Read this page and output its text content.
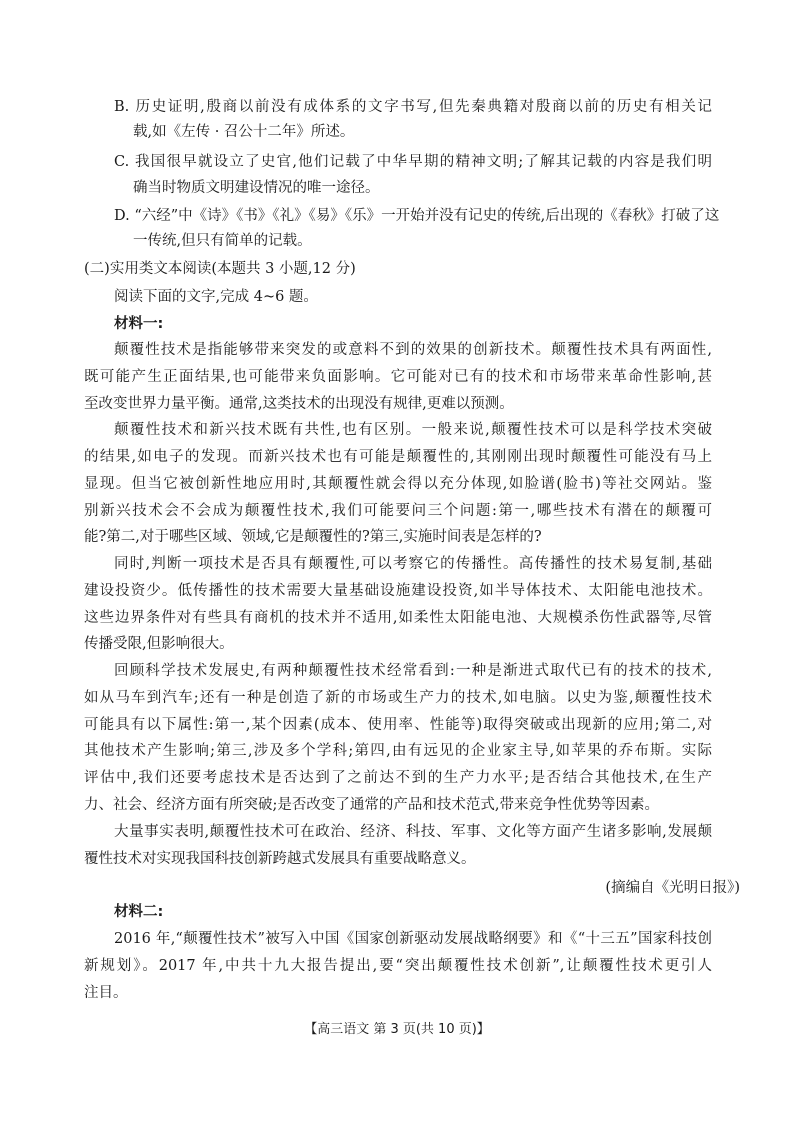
B. 历史证明,殷商以前没有成体系的文字书写,但先秦典籍对殷商以前的历史有相关记
载,如《左传 · 召公十二年》所述。
C. 我国很早就设立了史官,他们记载了中华早期的精神文明;了解其记载的内容是我们明
确当时物质文明建设情况的唯一途径。
D. “六经”中《诗》《书》《礼》《易》《乐》一开始并没有记史的传统,后出现的《春秋》打破了这
一传统,但只有简单的记载。
(二)实用类文本阅读(本题共 3 小题,12 分)
阅读下面的文字,完成 4~6 题。
材料一:
颠覆性技术是指能够带来突发的或意料不到的效果的创新技术。颠覆性技术具有两面性,
既可能产生正面结果,也可能带来负面影响。它可能对已有的技术和市场带来革命性影响,甚
至改变世界力量平衡。通常,这类技术的出现没有规律,更难以预测。
颠覆性技术和新兴技术既有共性,也有区别。一般来说,颠覆性技术可以是科学技术突破
的结果,如电子的发现。而新兴技术也有可能是颠覆性的,其刚刚出现时颠覆性可能没有马上
显现。但当它被创新性地应用时,其颠覆性就会得以充分体现,如脸谱(脸书)等社交网站。鉴
别新兴技术会不会成为颠覆性技术,我们可能要问三个问题:第一,哪些技术有潜在的颠覆可
能?第二,对于哪些区域、领域,它是颠覆性的?第三,实施时间表是怎样的?
同时,判断一项技术是否具有颠覆性,可以考察它的传播性。高传播性的技术易复制,基础
建设投资少。低传播性的技术需要大量基础设施建设投资,如半导体技术、太阳能电池技术。
这些边界条件对有些具有商机的技术并不适用,如柔性太阳能电池、大规模杀伤性武器等,尽管
传播受限,但影响很大。
回顾科学技术发展史,有两种颠覆性技术经常看到:一种是渐进式取代已有的技术的技术,
如从马车到汽车;还有一种是创造了新的市场或生产力的技术,如电脑。以史为鉴,颠覆性技术
可能具有以下属性:第一,某个因素(成本、使用率、性能等)取得突破或出现新的应用;第二,对
其他技术产生影响;第三,涉及多个学科;第四,由有远见的企业家主导,如苹果的乔布斯。实际
评估中,我们还要考虑技术是否达到了之前达不到的生产力水平;是否结合其他技术,在生产
力、社会、经济方面有所突破;是否改变了通常的产品和技术范式,带来竞争性优势等因素。
大量事实表明,颠覆性技术可在政治、经济、科技、军事、文化等方面产生诸多影响,发展颠
覆性技术对实现我国科技创新跨越式发展具有重要战略意义。
(摘编自《光明日报》)
材料二:
2016 年,“颠覆性技术”被写入中国《国家创新驱动发展战略纲要》和《“十三五”国家科技创
新规划》。2017 年,中共十九大报告提出,要“突出颠覆性技术创新”,让颠覆性技术更引人
注目。
【高三语文 第 3 页(共 10 页)】
